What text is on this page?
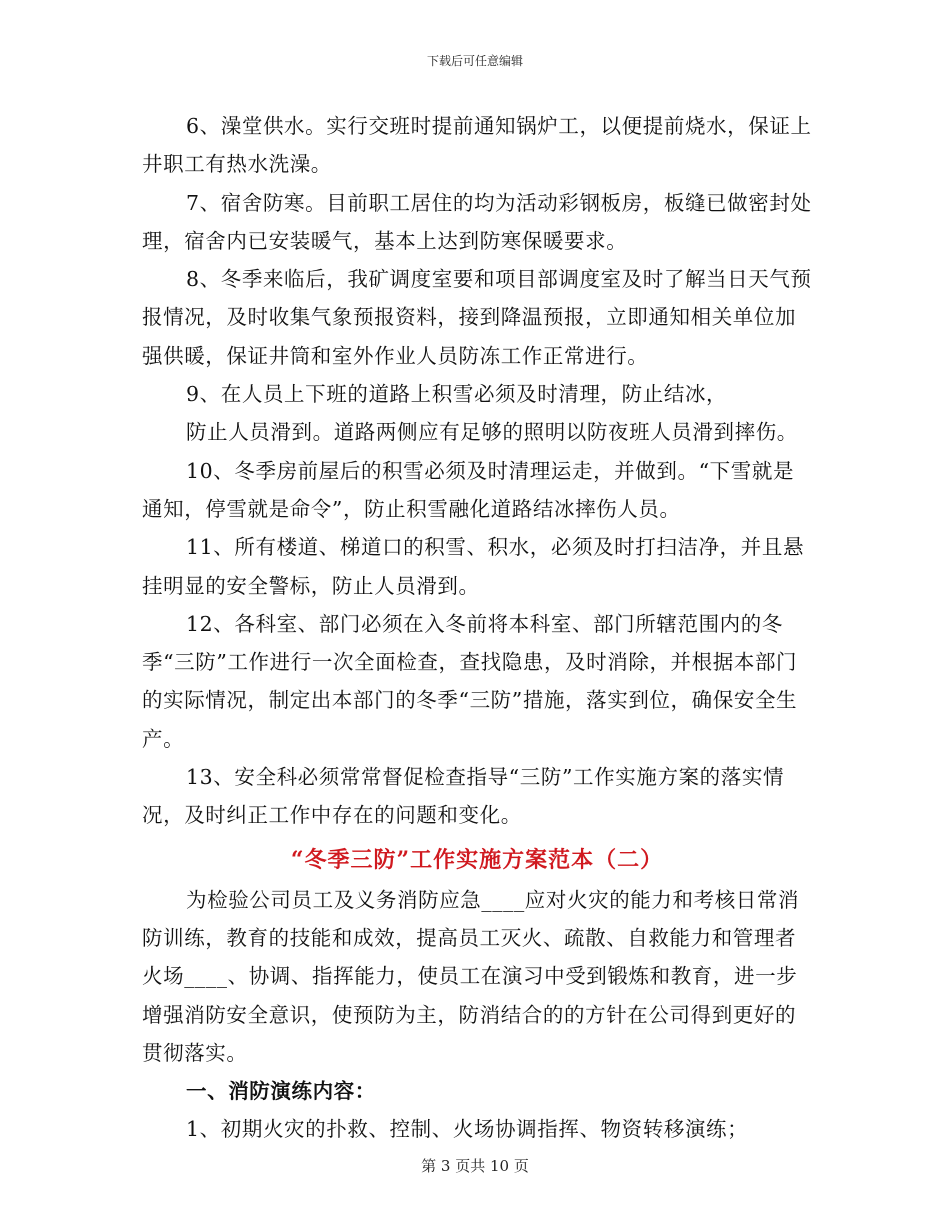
下载后可任意编辑

6、澡堂供水。实行交班时提前通知锅炉工，以便提前烧水，保证上井职工有热水洗澡。

7、宿舍防寒。目前职工居住的均为活动彩钢板房，板缝已做密封处理，宿舍内已安装暖气，基本上达到防寒保暖要求。

8、冬季来临后，我矿调度室要和项目部调度室及时了解当日天气预报情况，及时收集气象预报资料，接到降温预报，立即通知相关单位加强供暖，保证井筒和室外作业人员防冻工作正常进行。

9、在人员上下班的道路上积雪必须及时清理，防止结冰，

防止人员滑到。道路两侧应有足够的照明以防夜班人员滑到摔伤。

10、冬季房前屋后的积雪必须及时清理运走，并做到。“下雪就是通知，停雪就是命令”，防止积雪融化道路结冰摔伤人员。

11、所有楼道、梯道口的积雪、积水，必须及时打扫洁净，并且悬挂明显的安全警标，防止人员滑到。

12、各科室、部门必须在入冬前将本科室、部门所辖范围内的冬季“三防”工作进行一次全面检查，查找隐患，及时消除，并根据本部门的实际情况，制定出本部门的冬季“三防”措施，落实到位，确保安全生产。

13、安全科必须常常督促检查指导“三防”工作实施方案的落实情况，及时纠正工作中存在的问题和变化。

“冬季三防”工作实施方案范本（二）

为检验公司员工及义务消防应急____应对火灾的能力和考核日常消防训练，教育的技能和成效，提高员工灭火、疏散、自救能力和管理者火场____、协调、指挥能力，使员工在演习中受到锻炼和教育，进一步增强消防安全意识，使预防为主，防消结合的的方针在公司得到更好的贯彻落实。

一、消防演练内容：

1、初期火灾的扑救、控制、火场协调指挥、物资转移演练；

第 3 页共 10 页
